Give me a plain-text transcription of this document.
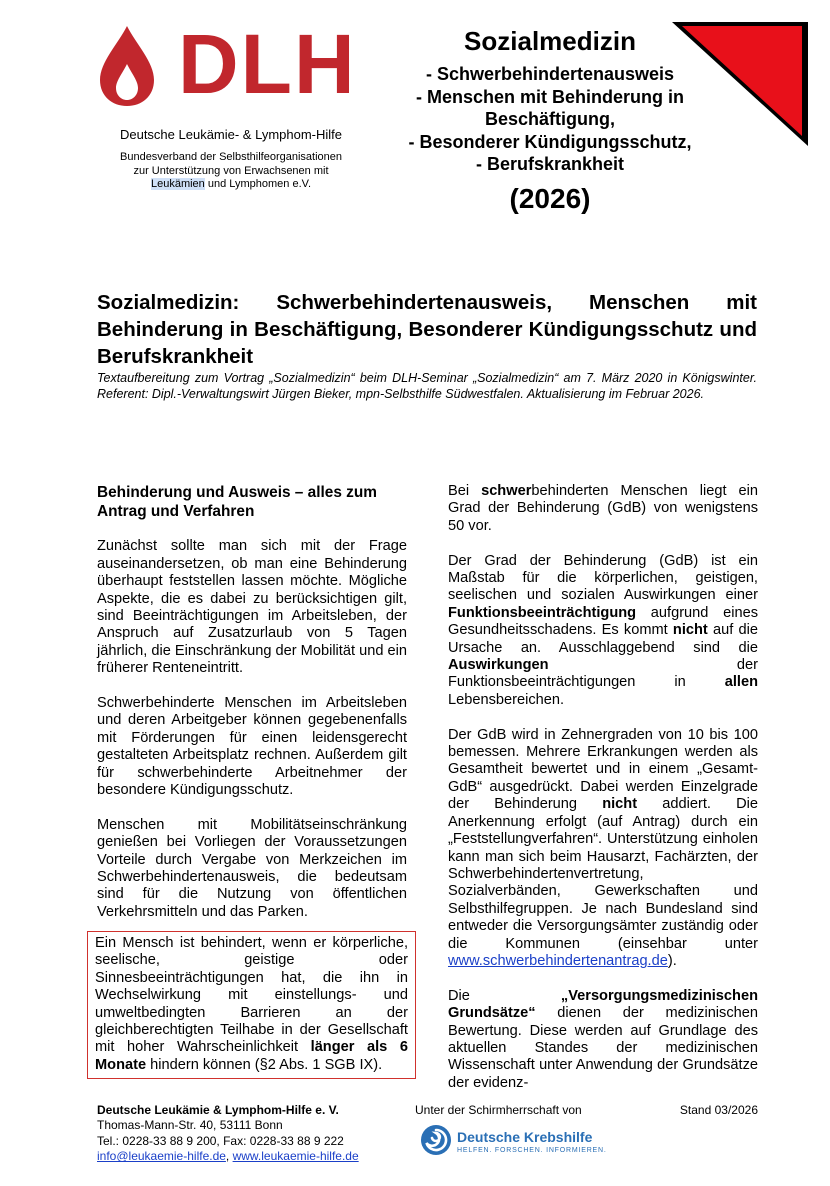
DLH
Deutsche Leukämie- & Lymphom-Hilfe
Bundesverband der Selbsthilfeorganisationen
zur Unterstützung von Erwachsenen mit
Leukämien und Lymphomen e.V.
Sozialmedizin
- Schwerbehindertenausweis
- Menschen mit Behinderung in
Beschäftigung,
- Besonderer Kündigungsschutz,
- Berufskrankheit
(2026)
Sozialmedizin: Schwerbehindertenausweis, Menschen mit Behinderung in Beschäftigung, Besonderer Kündigungsschutz und Berufskrankheit
Textaufbereitung zum Vortrag „Sozialmedizin“ beim DLH-Seminar „Sozialmedizin“ am 7. März 2020 in Königswinter. Referent: Dipl.-Verwaltungswirt Jürgen Bieker, mpn-Selbsthilfe Südwestfalen. Aktualisierung im Februar 2026.

Behinderung und Ausweis – alles zum Antrag und Verfahren

Zunächst sollte man sich mit der Frage auseinandersetzen, ob man eine Behinderung überhaupt feststellen lassen möchte. Mögliche Aspekte, die es dabei zu berücksichtigen gilt, sind Beeinträchtigungen im Arbeitsleben, der Anspruch auf Zusatzurlaub von 5 Tagen jährlich, die Einschränkung der Mobilität und ein früherer Renteneintritt.

Schwerbehinderte Menschen im Arbeitsleben und deren Arbeitgeber können gegebenenfalls mit Förderungen für einen leidensgerecht gestalteten Arbeitsplatz rechnen. Außerdem gilt für schwerbehinderte Arbeitnehmer der besondere Kündigungsschutz.

Menschen mit Mobilitätseinschränkung genießen bei Vorliegen der Voraussetzungen Vorteile durch Vergabe von Merkzeichen im Schwerbehindertenausweis, die bedeutsam sind für die Nutzung von öffentlichen Verkehrsmitteln und das Parken.

Ein Mensch ist behindert, wenn er körperliche, seelische, geistige oder Sinnesbeeinträchtigungen hat, die ihn in Wechselwirkung mit einstellungs- und umweltbedingten Barrieren an der gleichberechtigten Teilhabe in der Gesellschaft mit hoher Wahrscheinlichkeit länger als 6 Monate hindern können (§2 Abs. 1 SGB IX).

Bei schwerbehinderten Menschen liegt ein Grad der Behinderung (GdB) von wenigstens 50 vor.

Der Grad der Behinderung (GdB) ist ein Maßstab für die körperlichen, geistigen, seelischen und sozialen Auswirkungen einer Funktionsbeeinträchtigung aufgrund eines Gesundheitsschadens. Es kommt nicht auf die Ursache an. Ausschlaggebend sind die Auswirkungen der Funktionsbeeinträchtigungen in allen Lebensbereichen.

Der GdB wird in Zehnergraden von 10 bis 100 bemessen. Mehrere Erkrankungen werden als Gesamtheit bewertet und in einem „Gesamt-GdB“ ausgedrückt. Dabei werden Einzelgrade der Behinderung nicht addiert. Die Anerkennung erfolgt (auf Antrag) durch ein „Feststellungverfahren“. Unterstützung einholen kann man sich beim Hausarzt, Fachärzten, der Schwerbehindertenvertretung, Sozialverbänden, Gewerkschaften und Selbsthilfegruppen. Je nach Bundesland sind entweder die Versorgungsämter zuständig oder die Kommunen (einsehbar unter www.schwerbehindertenantrag.de).

Die „Versorgungsmedizinischen Grundsätze“ dienen der medizinischen Bewertung. Diese werden auf Grundlage des aktuellen Standes der medizinischen Wissenschaft unter Anwendung der Grundsätze der evidenz-

Deutsche Leukämie & Lymphom-Hilfe e. V.
Thomas-Mann-Str. 40, 53111 Bonn
Tel.: 0228-33 88 9 200, Fax: 0228-33 88 9 222
info@leukaemie-hilfe.de, www.leukaemie-hilfe.de
Unter der Schirmherrschaft von
Deutsche Krebshilfe
HELFEN. FORSCHEN. INFORMIEREN.
Stand 03/2026
